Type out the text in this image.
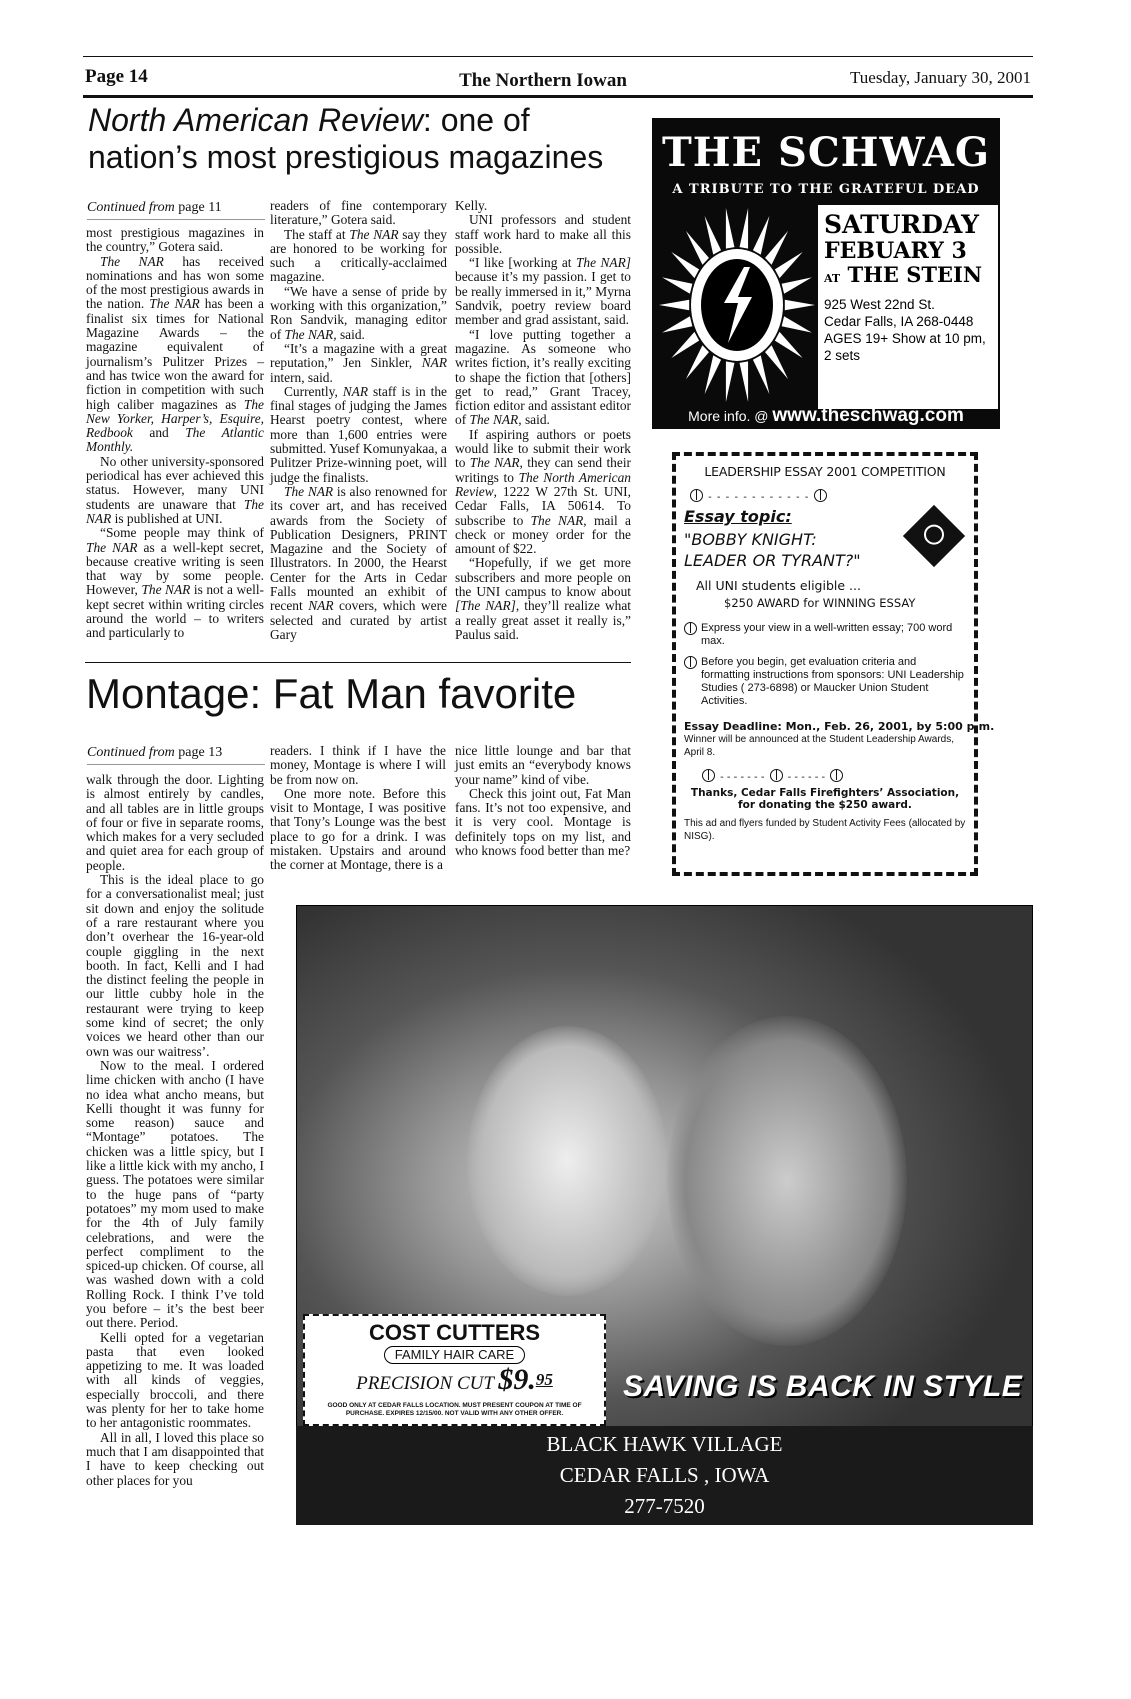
Page 14	The Northern Iowan	Tuesday, January 30, 2001
North American Review: one of
nation’s most prestigious magazines
Continued from page 11

most prestigious magazines in the country,” Gotera said.

The NAR has received nominations and has won some of the most prestigious awards in the nation. The NAR has been a finalist six times for National Magazine Awards – the magazine equivalent of journalism’s Pulitzer Prizes – and has twice won the award for fiction in competition with such high caliber magazines as The New Yorker, Harper’s, Esquire, Redbook and The Atlantic Monthly.

No other university-sponsored periodical has ever achieved this status. However, many UNI students are unaware that The NAR is published at UNI.

“Some people may think of The NAR as a well-kept secret, because creative writing is seen that way by some people. However, The NAR is not a well-kept secret within writing circles around the world – to writers and particularly to

readers of fine contemporary literature,” Gotera said.

The staff at The NAR say they are honored to be working for such a critically-acclaimed magazine.

“We have a sense of pride by working with this organization,” Ron Sandvik, managing editor of The NAR, said.

“It’s a magazine with a great reputation,” Jen Sinkler, NAR intern, said.

Currently, NAR staff is in the final stages of judging the James Hearst poetry contest, where more than 1,600 entries were submitted. Yusef Komunyakaa, a Pulitzer Prize-winning poet, will judge the finalists.

The NAR is also renowned for its cover art, and has received awards from the Society of Publication Designers, PRINT Magazine and the Society of Illustrators. In 2000, the Hearst Center for the Arts in Cedar Falls mounted an exhibit of recent NAR covers, which were selected and curated by artist Gary

Kelly.

UNI professors and student staff work hard to make all this possible.

“I like [working at The NAR] because it’s my passion. I get to be really immersed in it,” Myrna Sandvik, poetry review board member and grad assistant, said.

“I love putting together a magazine. As someone who writes fiction, it’s really exciting to shape the fiction that [others] get to read,” Grant Tracey, fiction editor and assistant editor of The NAR, said.

If aspiring authors or poets would like to submit their work to The NAR, they can send their writings to The North American Review, 1222 W 27th St. UNI, Cedar Falls, IA 50614. To subscribe to The NAR, mail a check or money order for the amount of $22.

“Hopefully, if we get more subscribers and more people on the UNI campus to know about [The NAR], they’ll realize what a really great asset it really is,” Paulus said.

Montage: Fat Man favorite
Continued from page 13

walk through the door. Lighting is almost entirely by candles, and all tables are in little groups of four or five in separate rooms, which makes for a very secluded and quiet area for each group of people.

This is the ideal place to go for a conversationalist meal; just sit down and enjoy the solitude of a rare restaurant where you don’t overhear the 16-year-old couple giggling in the next booth. In fact, Kelli and I had the distinct feeling the people in our little cubby hole in the restaurant were trying to keep some kind of secret; the only voices we heard other than our own was our waitress’.

Now to the meal. I ordered lime chicken with ancho (I have no idea what ancho means, but Kelli thought it was funny for some reason) sauce and “Montage” potatoes. The chicken was a little spicy, but I like a little kick with my ancho, I guess. The potatoes were similar to the huge pans of “party potatoes” my mom used to make for the 4th of July family celebrations, and were the perfect compliment to the spiced-up chicken. Of course, all was washed down with a cold Rolling Rock. I think I’ve told you before – it’s the best beer out there. Period.

Kelli opted for a vegetarian pasta that even looked appetizing to me. It was loaded with all kinds of veggies, especially broccoli, and there was plenty for her to take home to her antagonistic roommates.

All in all, I loved this place so much that I am disappointed that I have to keep checking out other places for you

readers. I think if I have the money, Montage is where I will be from now on.

One more note. Before this visit to Montage, I was positive that Tony’s Lounge was the best place to go for a drink. I was mistaken. Upstairs and around the corner at Montage, there is a

nice little lounge and bar that just emits an “everybody knows your name” kind of vibe.

Check this joint out, Fat Man fans. It’s not too expensive, and it is very cool. Montage is definitely tops on my list, and who knows food better than me?

THE SCHWAG
A TRIBUTE TO THE GRATEFUL DEAD
SATURDAY
FEBUARY 3
AT THE STEIN
925 West 22nd St.
Cedar Falls, IA 268-0448
AGES 19+ Show at 10 pm,
2 sets
More info. @ www.theschwag.com
LEADERSHIP ESSAY 2001 COMPETITION
- - - - - - - - - - - -
Essay topic:
"BOBBY KNIGHT:
LEADER OR TYRANT?"
All UNI students eligible ...
$250 AWARD for WINNING ESSAY
Express your view in a well-written essay; 700 word max.
Before you begin, get evaluation criteria and formatting instructions from sponsors: UNI Leadership Studies ( 273-6898) or Maucker Union Student Activities.
Essay Deadline: Mon., Feb. 26, 2001, by 5:00 p.m.
Winner will be announced at the Student Leadership Awards, April 8.
- - - - - - - - - - - - -
Thanks, Cedar Falls Firefighters’ Association,
for donating the $250 award.
This ad and flyers funded by Student Activity Fees (allocated by NISG).
SAVING IS BACK IN STYLE
COST CUTTERS
FAMILY HAIR CARE
PRECISION CUT $9.95
GOOD ONLY AT CEDAR FALLS LOCATION. MUST PRESENT COUPON AT TIME OF PURCHASE. EXPIRES 12/15/00. NOT VALID WITH ANY OTHER OFFER.
BLACK HAWK VILLAGE
CEDAR FALLS , IOWA
277-7520
